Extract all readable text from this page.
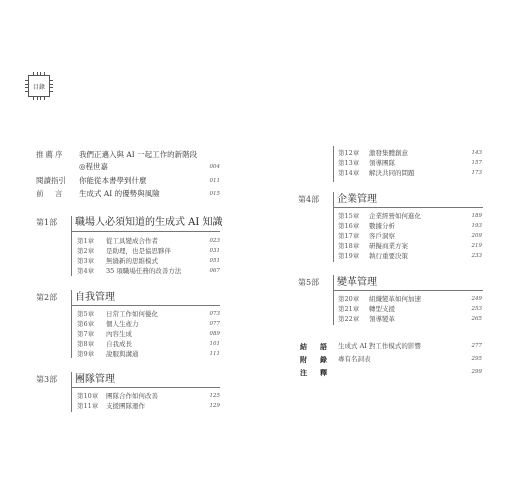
目錄
推薦序 我們正邁入與 AI 一起工作的新階段
◎程世嘉	004
閱讀指引 你能從本書學到什麼	011
前　言 生成式 AI 的優勢與風險	015
第1部 職場人必須知道的生成式 AI 知識
第1章 從工具變成合作者	023
第2章 是助理，也是協思夥伴	031
第3章 無縫新的思維模式	051
第4章 35 項職場任務的改善方法	067
第2部 自我管理
第5章 日常工作如何優化	073
第6章 個人生產力	077
第7章 內容生成	089
第8章 自我成長	101
第9章 說服與溝通	111
第3部 團隊管理
第10章 團隊合作如何改善	125
第11章 支援團隊運作	129
第12章 激發集體創意	143
第13章 領導團隊	157
第14章 解決共同的問題	173
第4部 企業管理
第15章 企業經營如何進化	189
第16章 數據分析	193
第17章 客戶洞察	209
第18章 研擬商業方案	219
第19章 執行重要決策	233
第5部 變革管理
第20章 組織變革如何加速	249
第21章 轉型支援	253
第22章 領導變革	265
結　語 生成式 AI 對工作模式的影響	277
附　錄 專有名詞表	295
注　釋	299
